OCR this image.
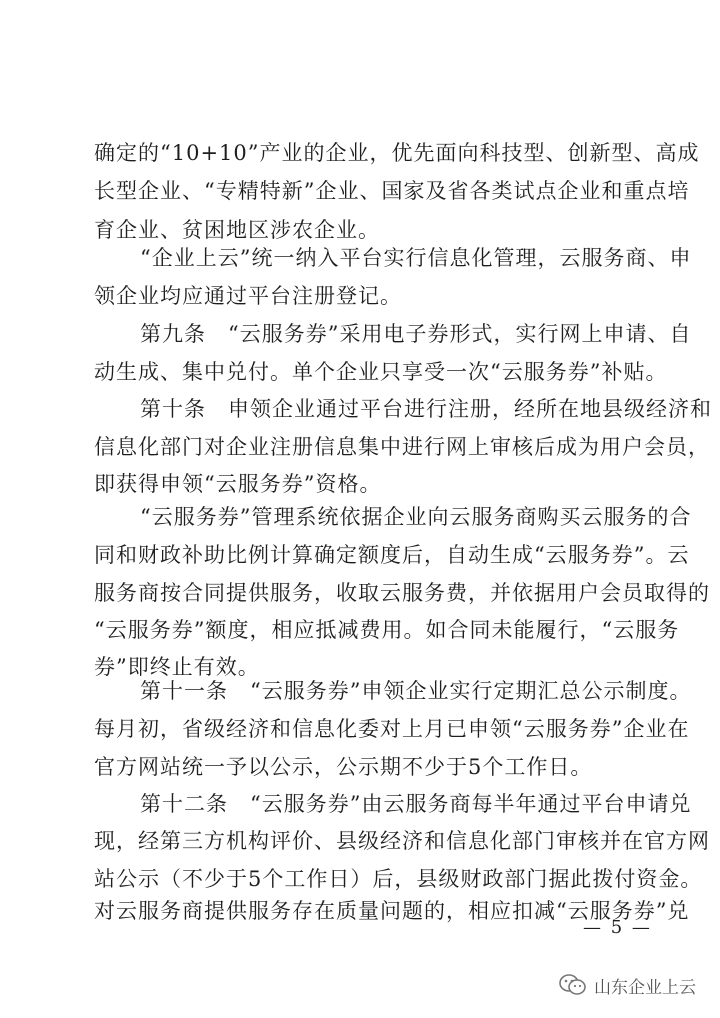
确定的“10+10”产业的企业，优先面向科技型、创新型、高成
长型企业、“专精特新”企业、国家及省各类试点企业和重点培
育企业、贫困地区涉农企业。
“企业上云”统一纳入平台实行信息化管理，云服务商、申
领企业均应通过平台注册登记。
第九条　“云服务券”采用电子券形式，实行网上申请、自
动生成、集中兑付。单个企业只享受一次“云服务券”补贴。
第十条　申领企业通过平台进行注册，经所在地县级经济和
信息化部门对企业注册信息集中进行网上审核后成为用户会员，
即获得申领“云服务券”资格。
“云服务券”管理系统依据企业向云服务商购买云服务的合
同和财政补助比例计算确定额度后，自动生成“云服务券”。云
服务商按合同提供服务，收取云服务费，并依据用户会员取得的
“云服务券”额度，相应抵减费用。如合同未能履行，“云服务
券”即终止有效。
第十一条　“云服务券”申领企业实行定期汇总公示制度。
每月初，省级经济和信息化委对上月已申领“云服务券”企业在
官方网站统一予以公示，公示期不少于5个工作日。
第十二条　“云服务券”由云服务商每半年通过平台申请兑
现，经第三方机构评价、县级经济和信息化部门审核并在官方网
站公示（不少于5个工作日）后，县级财政部门据此拨付资金。
对云服务商提供服务存在质量问题的，相应扣减“云服务券”兑
— 5 —
山东企业上云
